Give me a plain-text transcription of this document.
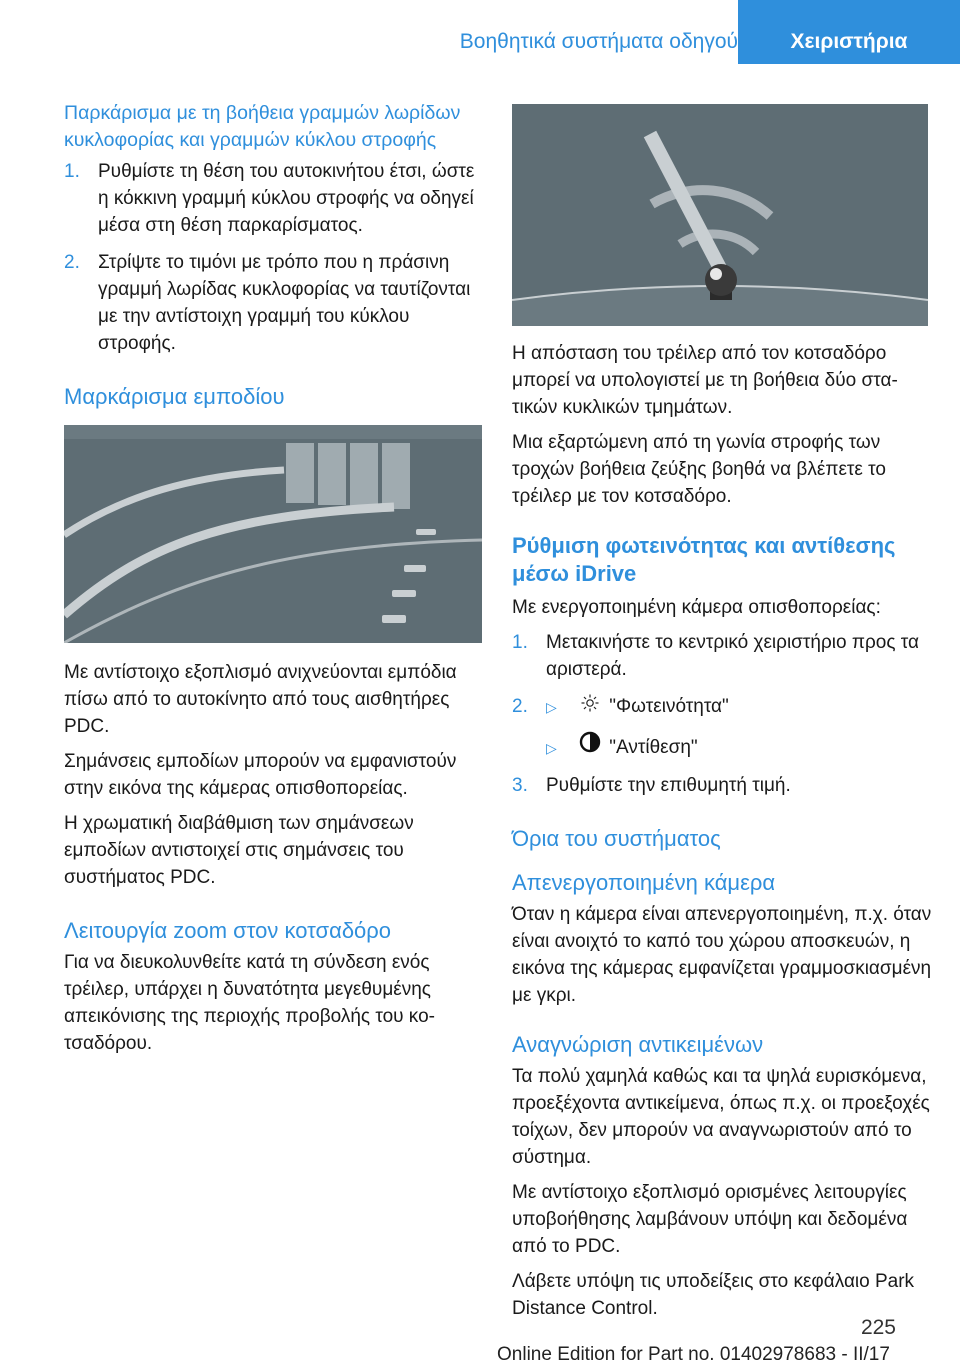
Βοηθητικά συστήματα οδηγού	Χειριστήρια
Παρκάρισμα με τη βοήθεια γραμμών λωρίδων κυκλοφορίας και γραμμών κύκλου στροφής
1. Ρυθμίστε τη θέση του αυτοκινήτου έτσι, ώστε η κόκκινη γραμμή κύκλου στροφής να οδηγεί μέσα στη θέση παρκαρίσματος.
2. Στρίψτε το τιμόνι με τρόπο που η πράσινη γραμμή λωρίδας κυκλοφορίας να ταυτίζονται με την αντίστοιχη γραμμή του κύκλου στροφής.
Μαρκάρισμα εμποδίου

Με αντίστοιχο εξοπλισμό ανιχνεύονται εμπόδια πίσω από το αυτοκίνητο από τους αισθητήρες PDC.

Σημάνσεις εμποδίων μπορούν να εμφανιστούν στην εικόνα της κάμερας οπισθοπορείας.

Η χρωματική διαβάθμιση των σημάνσεων εμποδίων αντιστοιχεί στις σημάνσεις του συστήματος PDC.

Λειτουργία zoom στον κοτσαδόρο

Για να διευκολυνθείτε κατά τη σύνδεση ενός τρέιλερ, υπάρχει η δυνατότητα μεγεθυμένης απεικόνισης της περιοχής προβολής του κοτσαδόρου.

Η απόσταση του τρέιλερ από τον κοτσαδόρο μπορεί να υπολογιστεί με τη βοήθεια δύο στατικών κυκλικών τμημάτων.

Μια εξαρτώμενη από τη γωνία στροφής των τροχών βοήθεια ζεύξης βοηθά να βλέπετε το τρέιλερ με τον κοτσαδόρο.

Ρύθμιση φωτεινότητας και αντίθεσης μέσω iDrive

Με ενεργοποιημένη κάμερα οπισθοπορείας:

1. Μετακινήστε το κεντρικό χειριστήριο προς τα αριστερά.
2. ▷	"Φωτεινότητα"
▷	"Αντίθεση"
3. Ρυθμίστε την επιθυμητή τιμή.
Όρια του συστήματος
Απενεργοποιημένη κάμερα

Όταν η κάμερα είναι απενεργοποιημένη, π.χ. όταν είναι ανοιχτό το καπό του χώρου αποσκευών, η εικόνα της κάμερας εμφανίζεται γραμμοσκιασμένη με γκρι.

Αναγνώριση αντικειμένων

Τα πολύ χαμηλά καθώς και τα ψηλά ευρισκόμενα, προεξέχοντα αντικείμενα, όπως π.χ. οι προεξοχές τοίχων, δεν μπορούν να αναγνωριστούν από το σύστημα.

Με αντίστοιχο εξοπλισμό ορισμένες λειτουργίες υποβοήθησης λαμβάνουν υπόψη και δεδομένα από το PDC.

Λάβετε υπόψη τις υποδείξεις στο κεφάλαιο Park Distance Control.

225
Online Edition for Part no. 01402978683 - II/17
